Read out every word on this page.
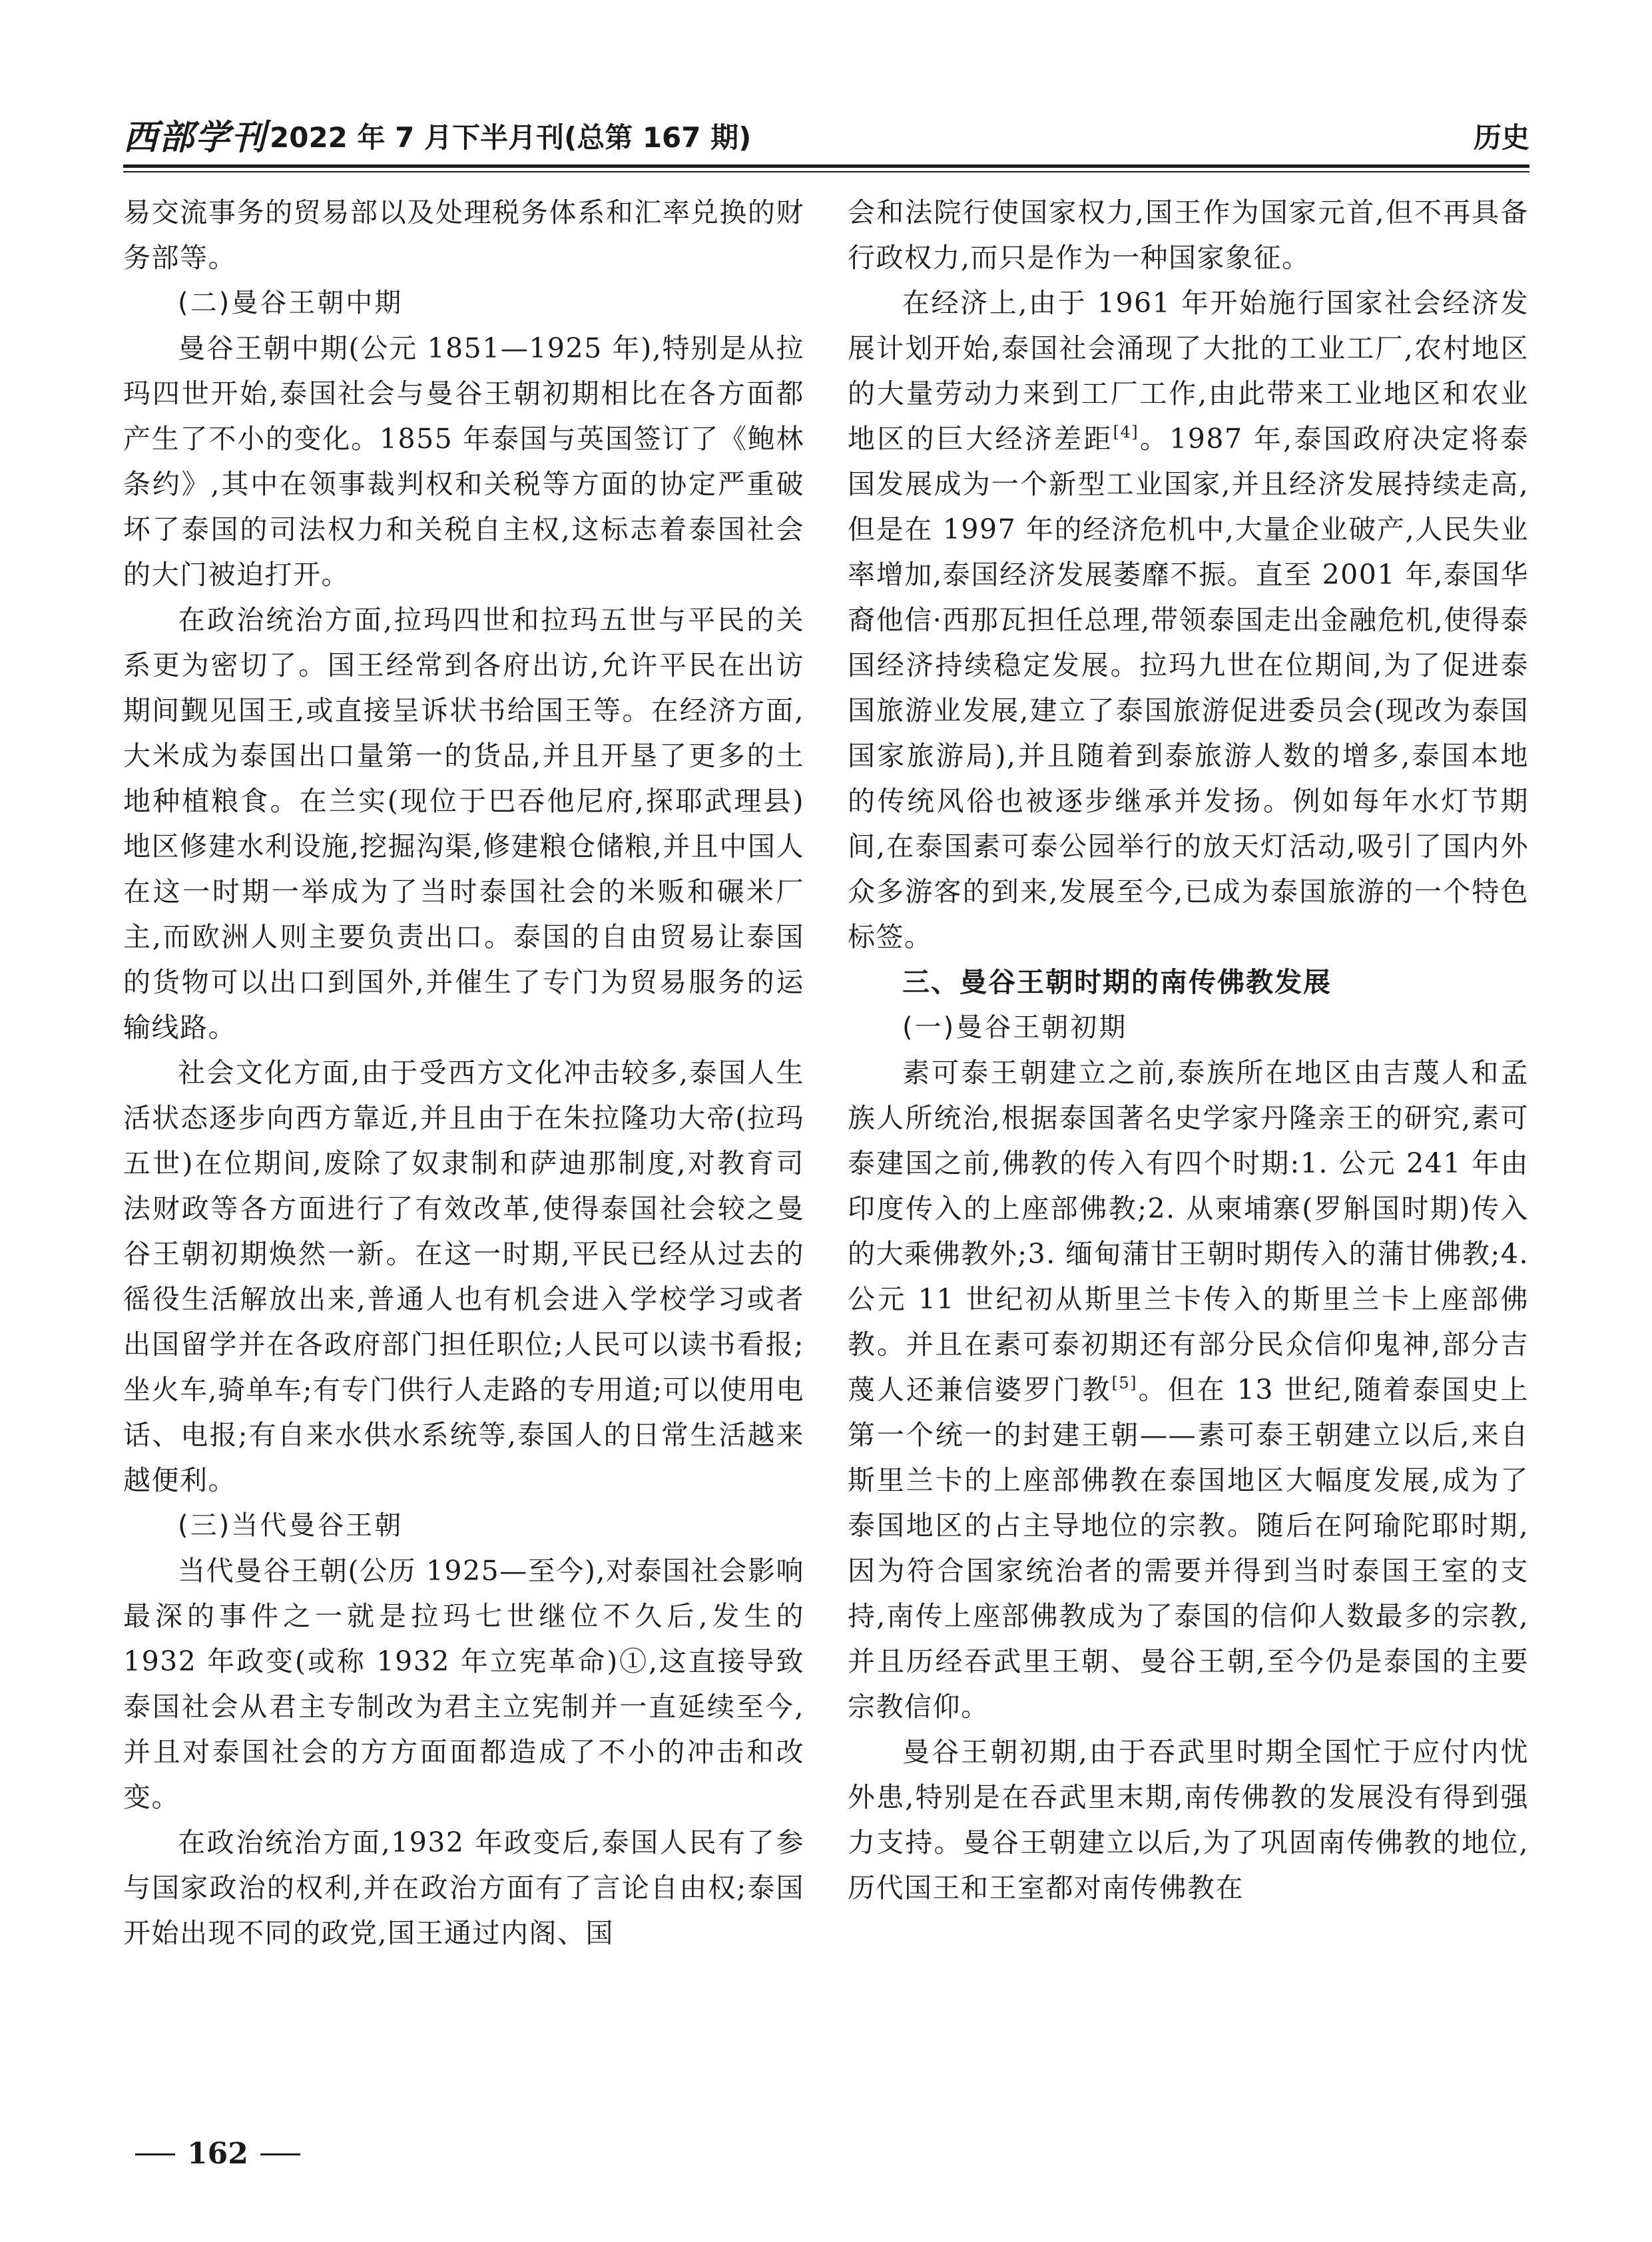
西部学刊 2022 年 7 月下半月刊(总第 167 期)	历史
易交流事务的贸易部以及处理税务体系和汇率兑换的财务部等。
(二)曼谷王朝中期
曼谷王朝中期(公元 1851—1925 年),特别是从拉玛四世开始,泰国社会与曼谷王朝初期相比在各方面都产生了不小的变化。1855 年泰国与英国签订了《鲍林条约》,其中在领事裁判权和关税等方面的协定严重破坏了泰国的司法权力和关税自主权,这标志着泰国社会的大门被迫打开。
在政治统治方面,拉玛四世和拉玛五世与平民的关系更为密切了。国王经常到各府出访,允许平民在出访期间觐见国王,或直接呈诉状书给国王等。在经济方面,大米成为泰国出口量第一的货品,并且开垦了更多的土地种植粮食。在兰实(现位于巴吞他尼府,探耶武理县)地区修建水利设施,挖掘沟渠,修建粮仓储粮,并且中国人在这一时期一举成为了当时泰国社会的米贩和碾米厂主,而欧洲人则主要负责出口。泰国的自由贸易让泰国的货物可以出口到国外,并催生了专门为贸易服务的运输线路。
社会文化方面,由于受西方文化冲击较多,泰国人生活状态逐步向西方靠近,并且由于在朱拉隆功大帝(拉玛五世)在位期间,废除了奴隶制和萨迪那制度,对教育司法财政等各方面进行了有效改革,使得泰国社会较之曼谷王朝初期焕然一新。在这一时期,平民已经从过去的徭役生活解放出来,普通人也有机会进入学校学习或者出国留学并在各政府部门担任职位;人民可以读书看报;坐火车,骑单车;有专门供行人走路的专用道;可以使用电话、电报;有自来水供水系统等,泰国人的日常生活越来越便利。
(三)当代曼谷王朝
当代曼谷王朝(公历 1925—至今),对泰国社会影响最深的事件之一就是拉玛七世继位不久后,发生的 1932 年政变(或称 1932 年立宪革命)①,这直接导致泰国社会从君主专制改为君主立宪制并一直延续至今,并且对泰国社会的方方面面都造成了不小的冲击和改变。
在政治统治方面,1932 年政变后,泰国人民有了参与国家政治的权利,并在政治方面有了言论自由权;泰国开始出现不同的政党,国王通过内阁、国
会和法院行使国家权力,国王作为国家元首,但不再具备行政权力,而只是作为一种国家象征。
在经济上,由于 1961 年开始施行国家社会经济发展计划开始,泰国社会涌现了大批的工业工厂,农村地区的大量劳动力来到工厂工作,由此带来工业地区和农业地区的巨大经济差距[4]。1987 年,泰国政府决定将泰国发展成为一个新型工业国家,并且经济发展持续走高,但是在 1997 年的经济危机中,大量企业破产,人民失业率增加,泰国经济发展萎靡不振。直至 2001 年,泰国华裔他信·西那瓦担任总理,带领泰国走出金融危机,使得泰国经济持续稳定发展。拉玛九世在位期间,为了促进泰国旅游业发展,建立了泰国旅游促进委员会(现改为泰国国家旅游局),并且随着到泰旅游人数的增多,泰国本地的传统风俗也被逐步继承并发扬。例如每年水灯节期间,在泰国素可泰公园举行的放天灯活动,吸引了国内外众多游客的到来,发展至今,已成为泰国旅游的一个特色标签。
三、曼谷王朝时期的南传佛教发展
(一)曼谷王朝初期
素可泰王朝建立之前,泰族所在地区由吉蔑人和孟族人所统治,根据泰国著名史学家丹隆亲王的研究,素可泰建国之前,佛教的传入有四个时期:1. 公元 241 年由印度传入的上座部佛教;2. 从柬埔寨(罗斛国时期)传入的大乘佛教外;3. 缅甸蒲甘王朝时期传入的蒲甘佛教;4. 公元 11 世纪初从斯里兰卡传入的斯里兰卡上座部佛教。并且在素可泰初期还有部分民众信仰鬼神,部分吉蔑人还兼信婆罗门教[5]。但在 13 世纪,随着泰国史上第一个统一的封建王朝——素可泰王朝建立以后,来自斯里兰卡的上座部佛教在泰国地区大幅度发展,成为了泰国地区的占主导地位的宗教。随后在阿瑜陀耶时期,因为符合国家统治者的需要并得到当时泰国王室的支持,南传上座部佛教成为了泰国的信仰人数最多的宗教,并且历经吞武里王朝、曼谷王朝,至今仍是泰国的主要宗教信仰。
曼谷王朝初期,由于吞武里时期全国忙于应付内忧外患,特别是在吞武里末期,南传佛教的发展没有得到强力支持。曼谷王朝建立以后,为了巩固南传佛教的地位,历代国王和王室都对南传佛教在
162
